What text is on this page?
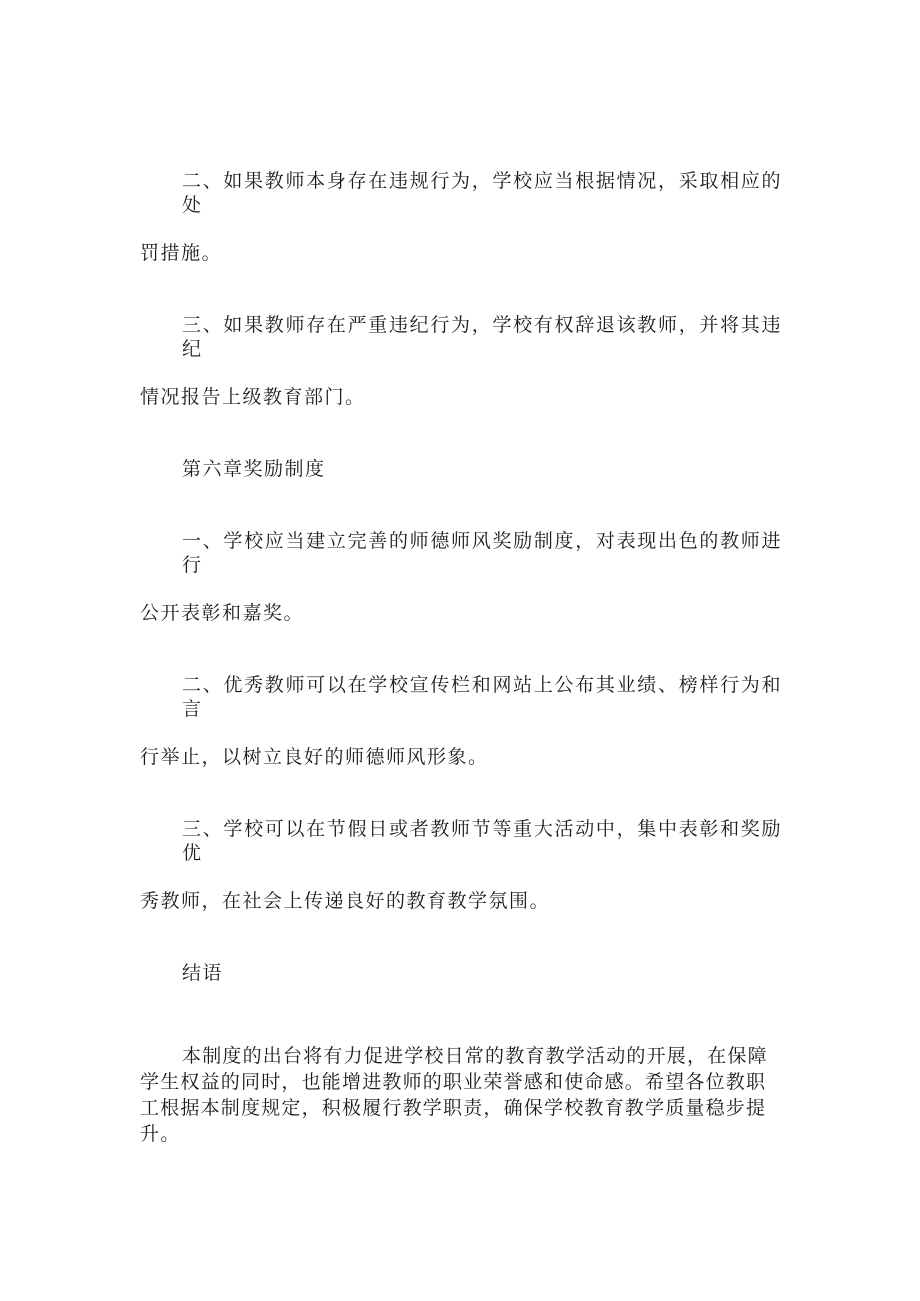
二、如果教师本身存在违规行为，学校应当根据情况，采取相应的处
罚措施。
三、如果教师存在严重违纪行为，学校有权辞退该教师，并将其违纪
情况报告上级教育部门。
第六章奖励制度
一、学校应当建立完善的师德师风奖励制度，对表现出色的教师进行
公开表彰和嘉奖。
二、优秀教师可以在学校宣传栏和网站上公布其业绩、榜样行为和言
行举止，以树立良好的师德师风形象。
三、学校可以在节假日或者教师节等重大活动中，集中表彰和奖励优
秀教师，在社会上传递良好的教育教学氛围。
结语
本制度的出台将有力促进学校日常的教育教学活动的开展，在保障学生权益的同时，也能增进教师的职业荣誉感和使命感。希望各位教职工根据本制度规定，积极履行教学职责，确保学校教育教学质量稳步提升。
